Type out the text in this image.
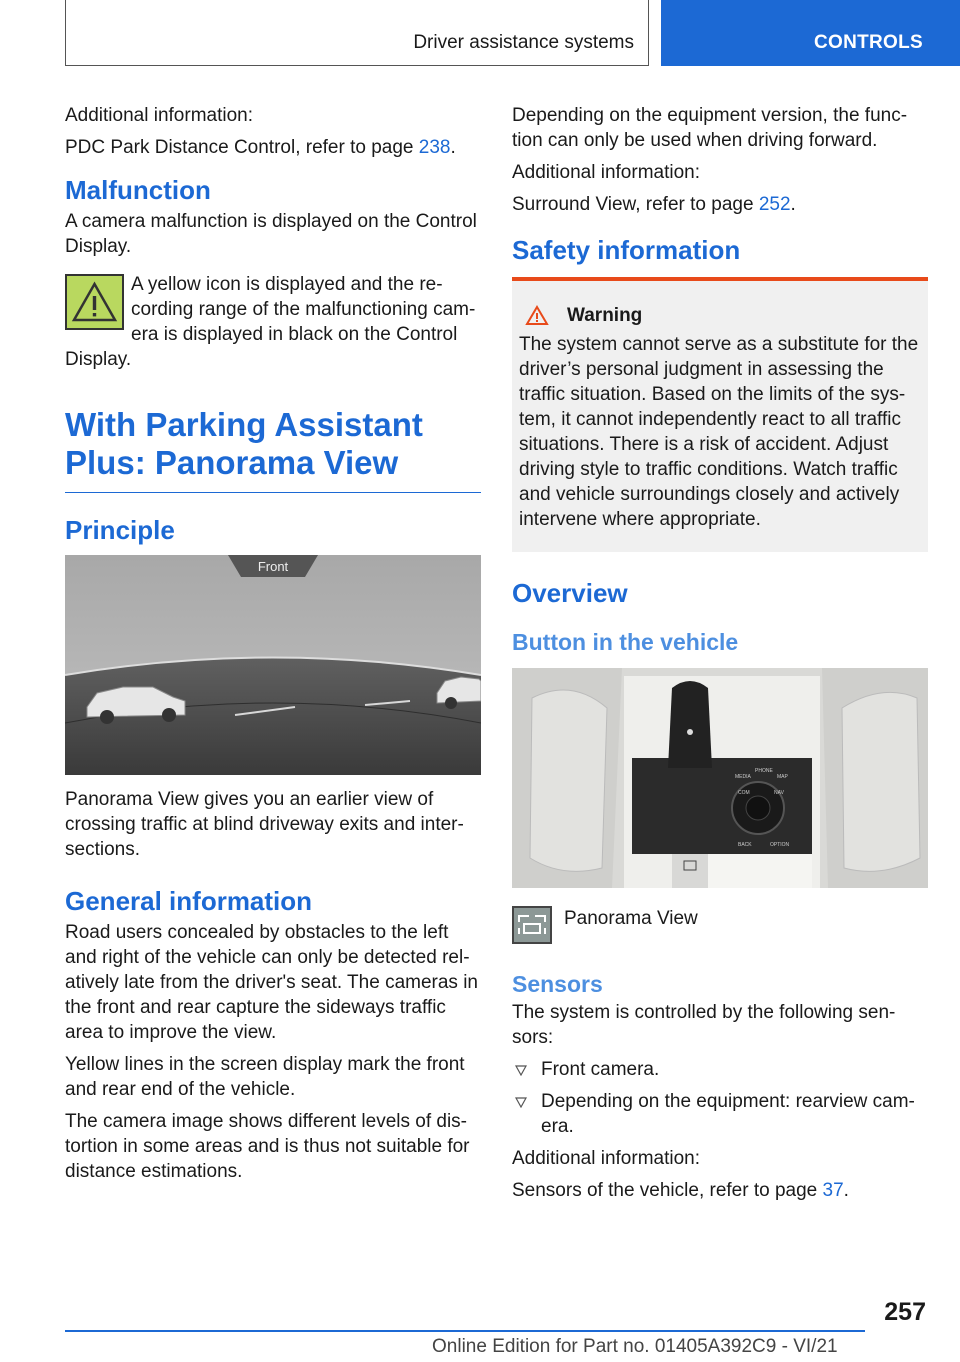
Driver assistance systems	CONTROLS

Additional information:

PDC Park Distance Control, refer to page 238.

Malfunction

A camera malfunction is displayed on the Control Display.

A yellow icon is displayed and the re-cording range of the malfunctioning cam-era is displayed in black on the Control Display.

With Parking Assistant Plus: Panorama View
Principle
Front

Panorama View gives you an earlier view of crossing traffic at blind driveway exits and inter-sections.

General information

Road users concealed by obstacles to the left and right of the vehicle can only be detected rel-atively late from the driver's seat. The cameras in the front and rear capture the sideways traffic area to improve the view.

Yellow lines in the screen display mark the front and rear end of the vehicle.

The camera image shows different levels of dis-tortion in some areas and is thus not suitable for distance estimations.

Depending on the equipment version, the func-tion can only be used when driving forward.

Additional information:

Surround View, refer to page 252.

Safety information
Warning

The system cannot serve as a substitute for the driver’s personal judgment in assessing the traffic situation. Based on the limits of the sys-tem, it cannot independently react to all traffic situations. There is a risk of accident. Adjust driving style to traffic conditions. Watch traffic and vehicle surroundings closely and actively intervene where appropriate.

Overview
Button in the vehicle
MEDIA
PHONE
MAP
COM	NAV
BACK	OPTION

Panorama View

Sensors

The system is controlled by the following sen-sors:

Front camera.
Depending on the equipment: rearview cam-era.

Additional information:

Sensors of the vehicle, refer to page 37.

257
Online Edition for Part no. 01405A392C9 - VI/21
